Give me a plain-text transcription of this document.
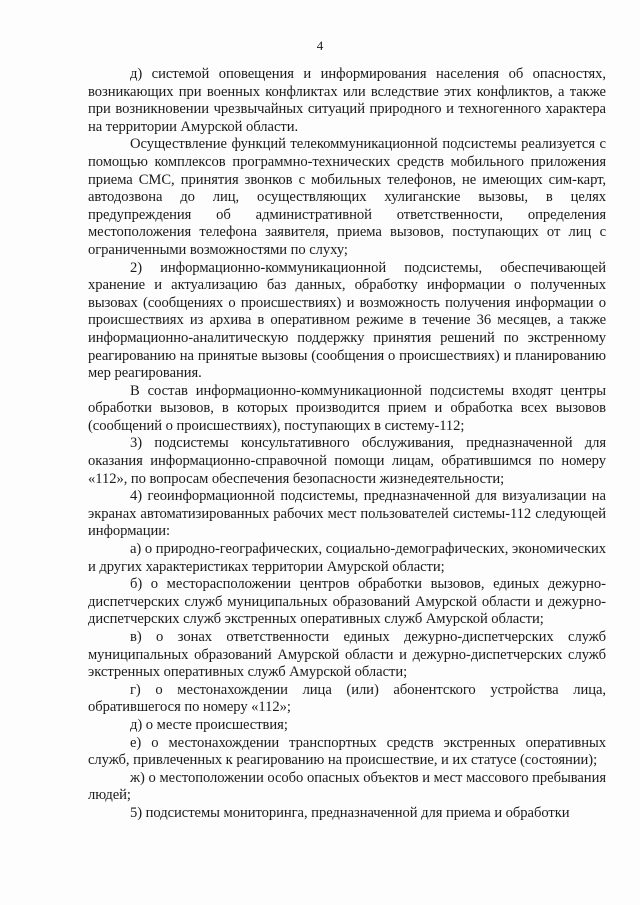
4

д) системой оповещения и информирования населения об опасностях, возникающих при военных конфликтах или вследствие этих конфликтов, а также при возникновении чрезвычайных ситуаций природного и техногенного характера на территории Амурской области.

Осуществление функций телекоммуникационной подсистемы реализуется с помощью комплексов программно-технических средств мобильного приложения приема СМС, принятия звонков с мобильных телефонов, не имеющих сим-карт, автодозвона до лиц, осуществляющих хулиганские вызовы, в целях предупреждения об административной ответственности, определения местоположения телефона заявителя, приема вызовов, поступающих от лиц с ограниченными возможностями по слуху;

2) информационно-коммуникационной подсистемы, обеспечивающей хранение и актуализацию баз данных, обработку информации о полученных вызовах (сообщениях о происшествиях) и возможность получения информации о происшествиях из архива в оперативном режиме в течение 36 месяцев, а также информационно-аналитическую поддержку принятия решений по экстренному реагированию на принятые вызовы (сообщения о происшествиях) и планированию мер реагирования.

В состав информационно-коммуникационной подсистемы входят центры обработки вызовов, в которых производится прием и обработка всех вызовов (сообщений о происшествиях), поступающих в систему-112;

3) подсистемы консультативного обслуживания, предназначенной для оказания информационно-справочной помощи лицам, обратившимся по номеру «112», по вопросам обеспечения безопасности жизнедеятельности;

4) геоинформационной подсистемы, предназначенной для визуализации на экранах автоматизированных рабочих мест пользователей системы-112 следующей информации:

а) о природно-географических, социально-демографических, экономических и других характеристиках территории Амурской области;

б) о месторасположении центров обработки вызовов, единых дежурно-диспетчерских служб муниципальных образований Амурской области и дежурно-диспетчерских служб экстренных оперативных служб Амурской области;

в) о зонах ответственности единых дежурно-диспетчерских служб муниципальных образований Амурской области и дежурно-диспетчерских служб экстренных оперативных служб Амурской области;

г) о местонахождении лица (или) абонентского устройства лица, обратившегося по номеру «112»;

д) о месте происшествия;

е) о местонахождении транспортных средств экстренных оперативных служб, привлеченных к реагированию на происшествие, и их статусе (состоянии);

ж) о местоположении особо опасных объектов и мест массового пребывания людей;

5) подсистемы мониторинга, предназначенной для приема и обработки
